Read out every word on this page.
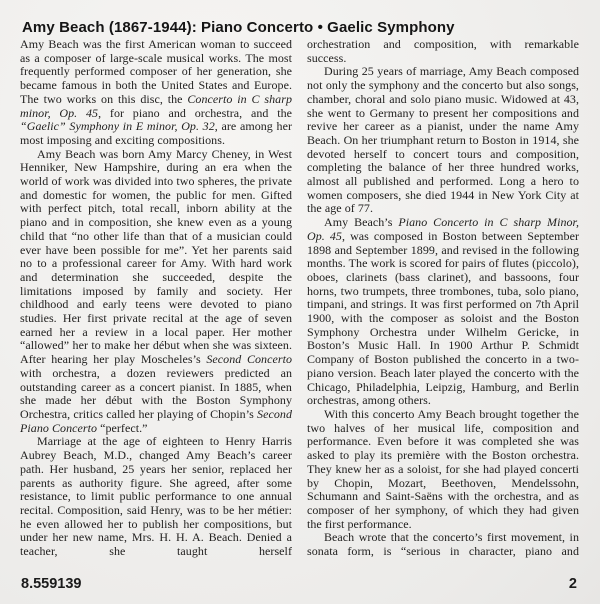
Amy Beach (1867-1944): Piano Concerto • Gaelic Symphony

Amy Beach was the first American woman to succeed as a composer of large-scale musical works. The most frequently performed composer of her generation, she became famous in both the United States and Europe. The two works on this disc, the Concerto in C sharp minor, Op. 45, for piano and orchestra, and the “Gaelic” Symphony in E minor, Op. 32, are among her most imposing and exciting compositions.

Amy Beach was born Amy Marcy Cheney, in West Henniker, New Hampshire, during an era when the world of work was divided into two spheres, the private and domestic for women, the public for men. Gifted with perfect pitch, total recall, inborn ability at the piano and in composition, she knew even as a young child that “no other life than that of a musician could ever have been possible for me”. Yet her parents said no to a professional career for Amy. With hard work and determination she succeeded, despite the limitations imposed by family and society. Her childhood and early teens were devoted to piano studies. Her first private recital at the age of seven earned her a review in a local paper. Her mother “allowed” her to make her début when she was sixteen. After hearing her play Moscheles’s Second Concerto with orchestra, a dozen reviewers predicted an outstanding career as a concert pianist. In 1885, when she made her début with the Boston Symphony Orchestra, critics called her playing of Chopin’s Second Piano Concerto “perfect.”

Marriage at the age of eighteen to Henry Harris Aubrey Beach, M.D., changed Amy Beach’s career path. Her husband, 25 years her senior, replaced her parents as authority figure. She agreed, after some resistance, to limit public performance to one annual recital. Composition, said Henry, was to be her métier: he even allowed her to publish her compositions, but under her new name, Mrs. H. H. A. Beach. Denied a teacher, she taught herself

orchestration and composition, with remarkable success.

During 25 years of marriage, Amy Beach composed not only the symphony and the concerto but also songs, chamber, choral and solo piano music. Widowed at 43, she went to Germany to present her compositions and revive her career as a pianist, under the name Amy Beach. On her triumphant return to Boston in 1914, she devoted herself to concert tours and composition, completing the balance of her three hundred works, almost all published and performed. Long a hero to women composers, she died 1944 in New York City at the age of 77.

Amy Beach’s Piano Concerto in C sharp Minor, Op. 45, was composed in Boston between September 1898 and September 1899, and revised in the following months. The work is scored for pairs of flutes (piccolo), oboes, clarinets (bass clarinet), and bassoons, four horns, two trumpets, three trombones, tuba, solo piano, timpani, and strings. It was first performed on 7th April 1900, with the composer as soloist and the Boston Symphony Orchestra under Wilhelm Gericke, in Boston’s Music Hall. In 1900 Arthur P. Schmidt Company of Boston published the concerto in a two-piano version. Beach later played the concerto with the Chicago, Philadelphia, Leipzig, Hamburg, and Berlin orchestras, among others.

With this concerto Amy Beach brought together the two halves of her musical life, composition and performance. Even before it was completed she was asked to play its première with the Boston orchestra. They knew her as a soloist, for she had played concerti by Chopin, Mozart, Beethoven, Mendelssohn, Schumann and Saint-Saëns with the orchestra, and as composer of her symphony, of which they had given the first performance.

Beach wrote that the concerto’s first movement, in sonata form, is “serious in character, piano and

8.559139	2
